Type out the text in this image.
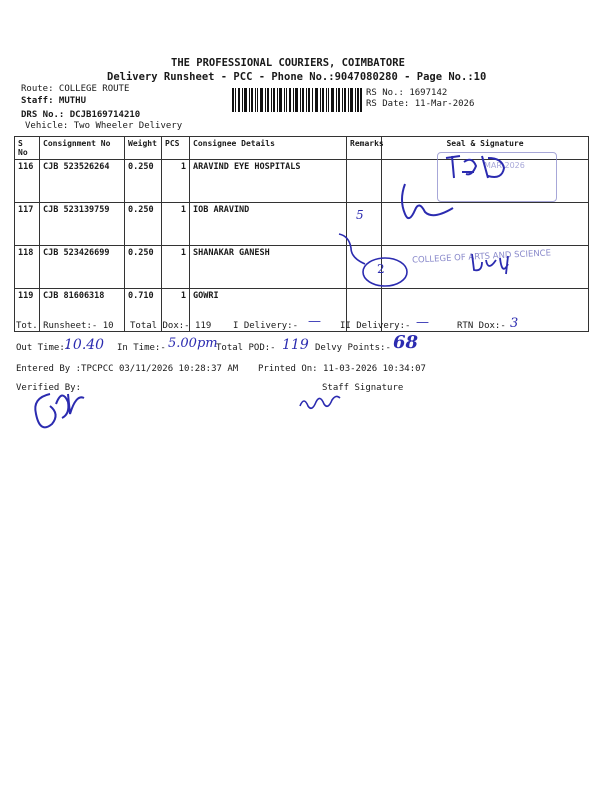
THE PROFESSIONAL COURIERS, COIMBATORE
Delivery Runsheet - PCC - Phone No.:9047080280 - Page No.:10
Route: COLLEGE ROUTE
Staff: MUTHU
DRS No.: DCJB169714210
Vehicle: Two Wheeler Delivery
RS No.: 1697142
RS Date: 11-Mar-2026
S No	Consignment No	Weight	PCS	Consignee Details	Remarks	Seal & Signature
116	CJB 523526264	0.250	1	ARAVIND EYE HOSPITALS		
117	CJB 523139759	0.250	1	IOB ARAVIND		
118	CJB 523426699	0.250	1	SHANAKAR GANESH		
119	CJB 81606318	0.710	1	GOWRI		
MAR 2026
5
2
COLLEGE OF ARTS AND SCIENCE
Tot. Runsheet:- 10 Total Dox:- 119 I Delivery:- — II Delivery:- —	RTN Dox:- 3
Out Time:-
10.40 In Time:- 5.00pm
Total POD:- 119 Delvy Points:- 68
Entered By :TPCPCC 03/11/2026 10:28:37 AM Printed On: 11-03-2026 10:34:07
Verified By:	Staff Signature
